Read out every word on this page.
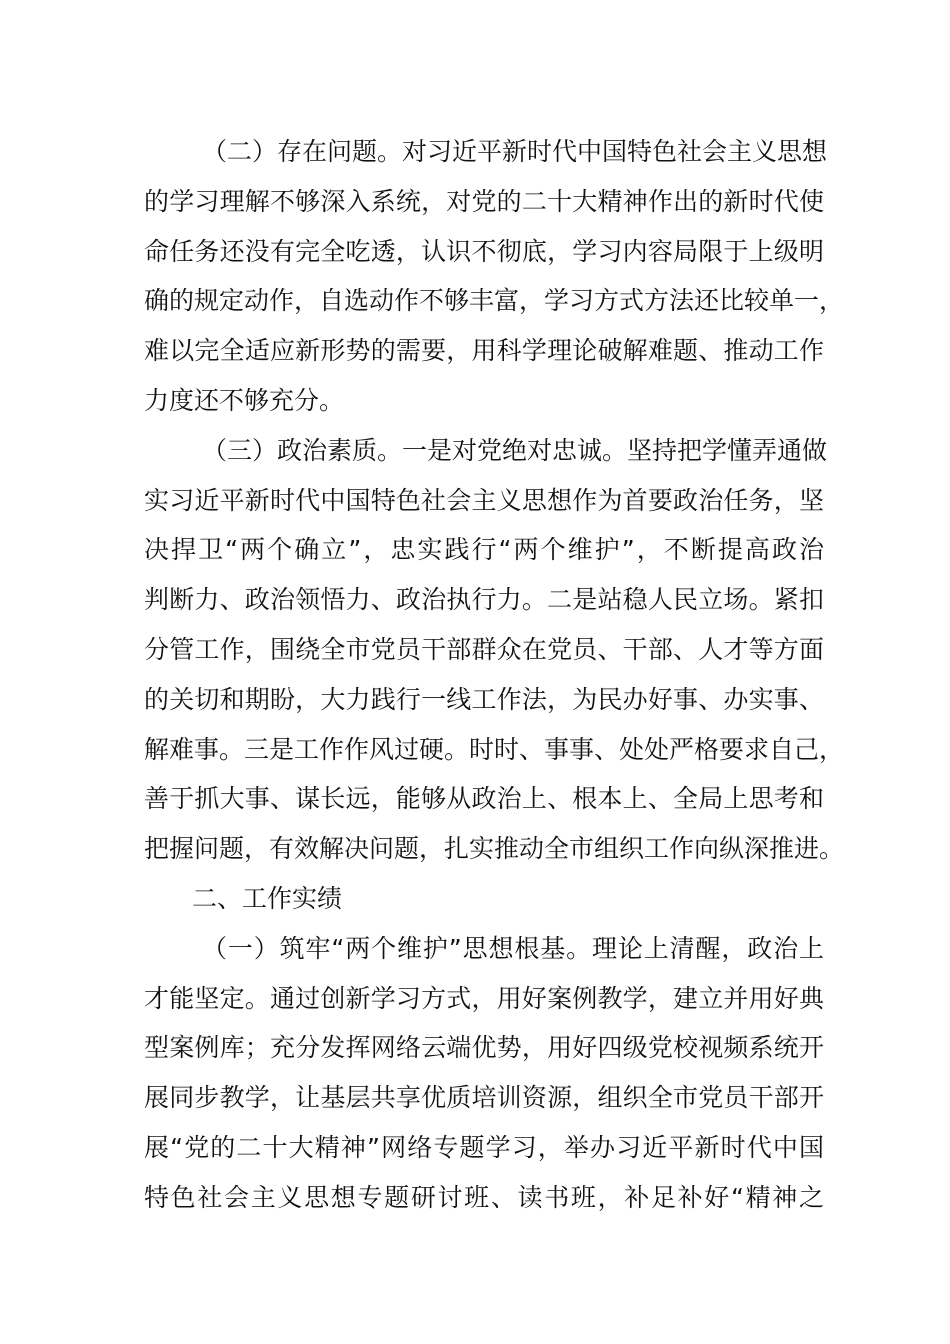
（二）存在问题。对习近平新时代中国特色社会主义思想
的学习理解不够深入系统，对党的二十大精神作出的新时代使
命任务还没有完全吃透，认识不彻底，学习内容局限于上级明
确的规定动作，自选动作不够丰富，学习方式方法还比较单一，
难以完全适应新形势的需要，用科学理论破解难题、推动工作
力度还不够充分。
（三）政治素质。一是对党绝对忠诚。坚持把学懂弄通做
实习近平新时代中国特色社会主义思想作为首要政治任务，坚
决捍卫“两个确立”，忠实践行“两个维护”，不断提高政治
判断力、政治领悟力、政治执行力。二是站稳人民立场。紧扣
分管工作，围绕全市党员干部群众在党员、干部、人才等方面
的关切和期盼，大力践行一线工作法，为民办好事、办实事、
解难事。三是工作作风过硬。时时、事事、处处严格要求自己，
善于抓大事、谋长远，能够从政治上、根本上、全局上思考和
把握问题，有效解决问题，扎实推动全市组织工作向纵深推进。
二、工作实绩
（一）筑牢“两个维护”思想根基。理论上清醒，政治上
才能坚定。通过创新学习方式，用好案例教学，建立并用好典
型案例库；充分发挥网络云端优势，用好四级党校视频系统开
展同步教学，让基层共享优质培训资源，组织全市党员干部开
展“党的二十大精神”网络专题学习，举办习近平新时代中国
特色社会主义思想专题研讨班、读书班，补足补好“精神之
